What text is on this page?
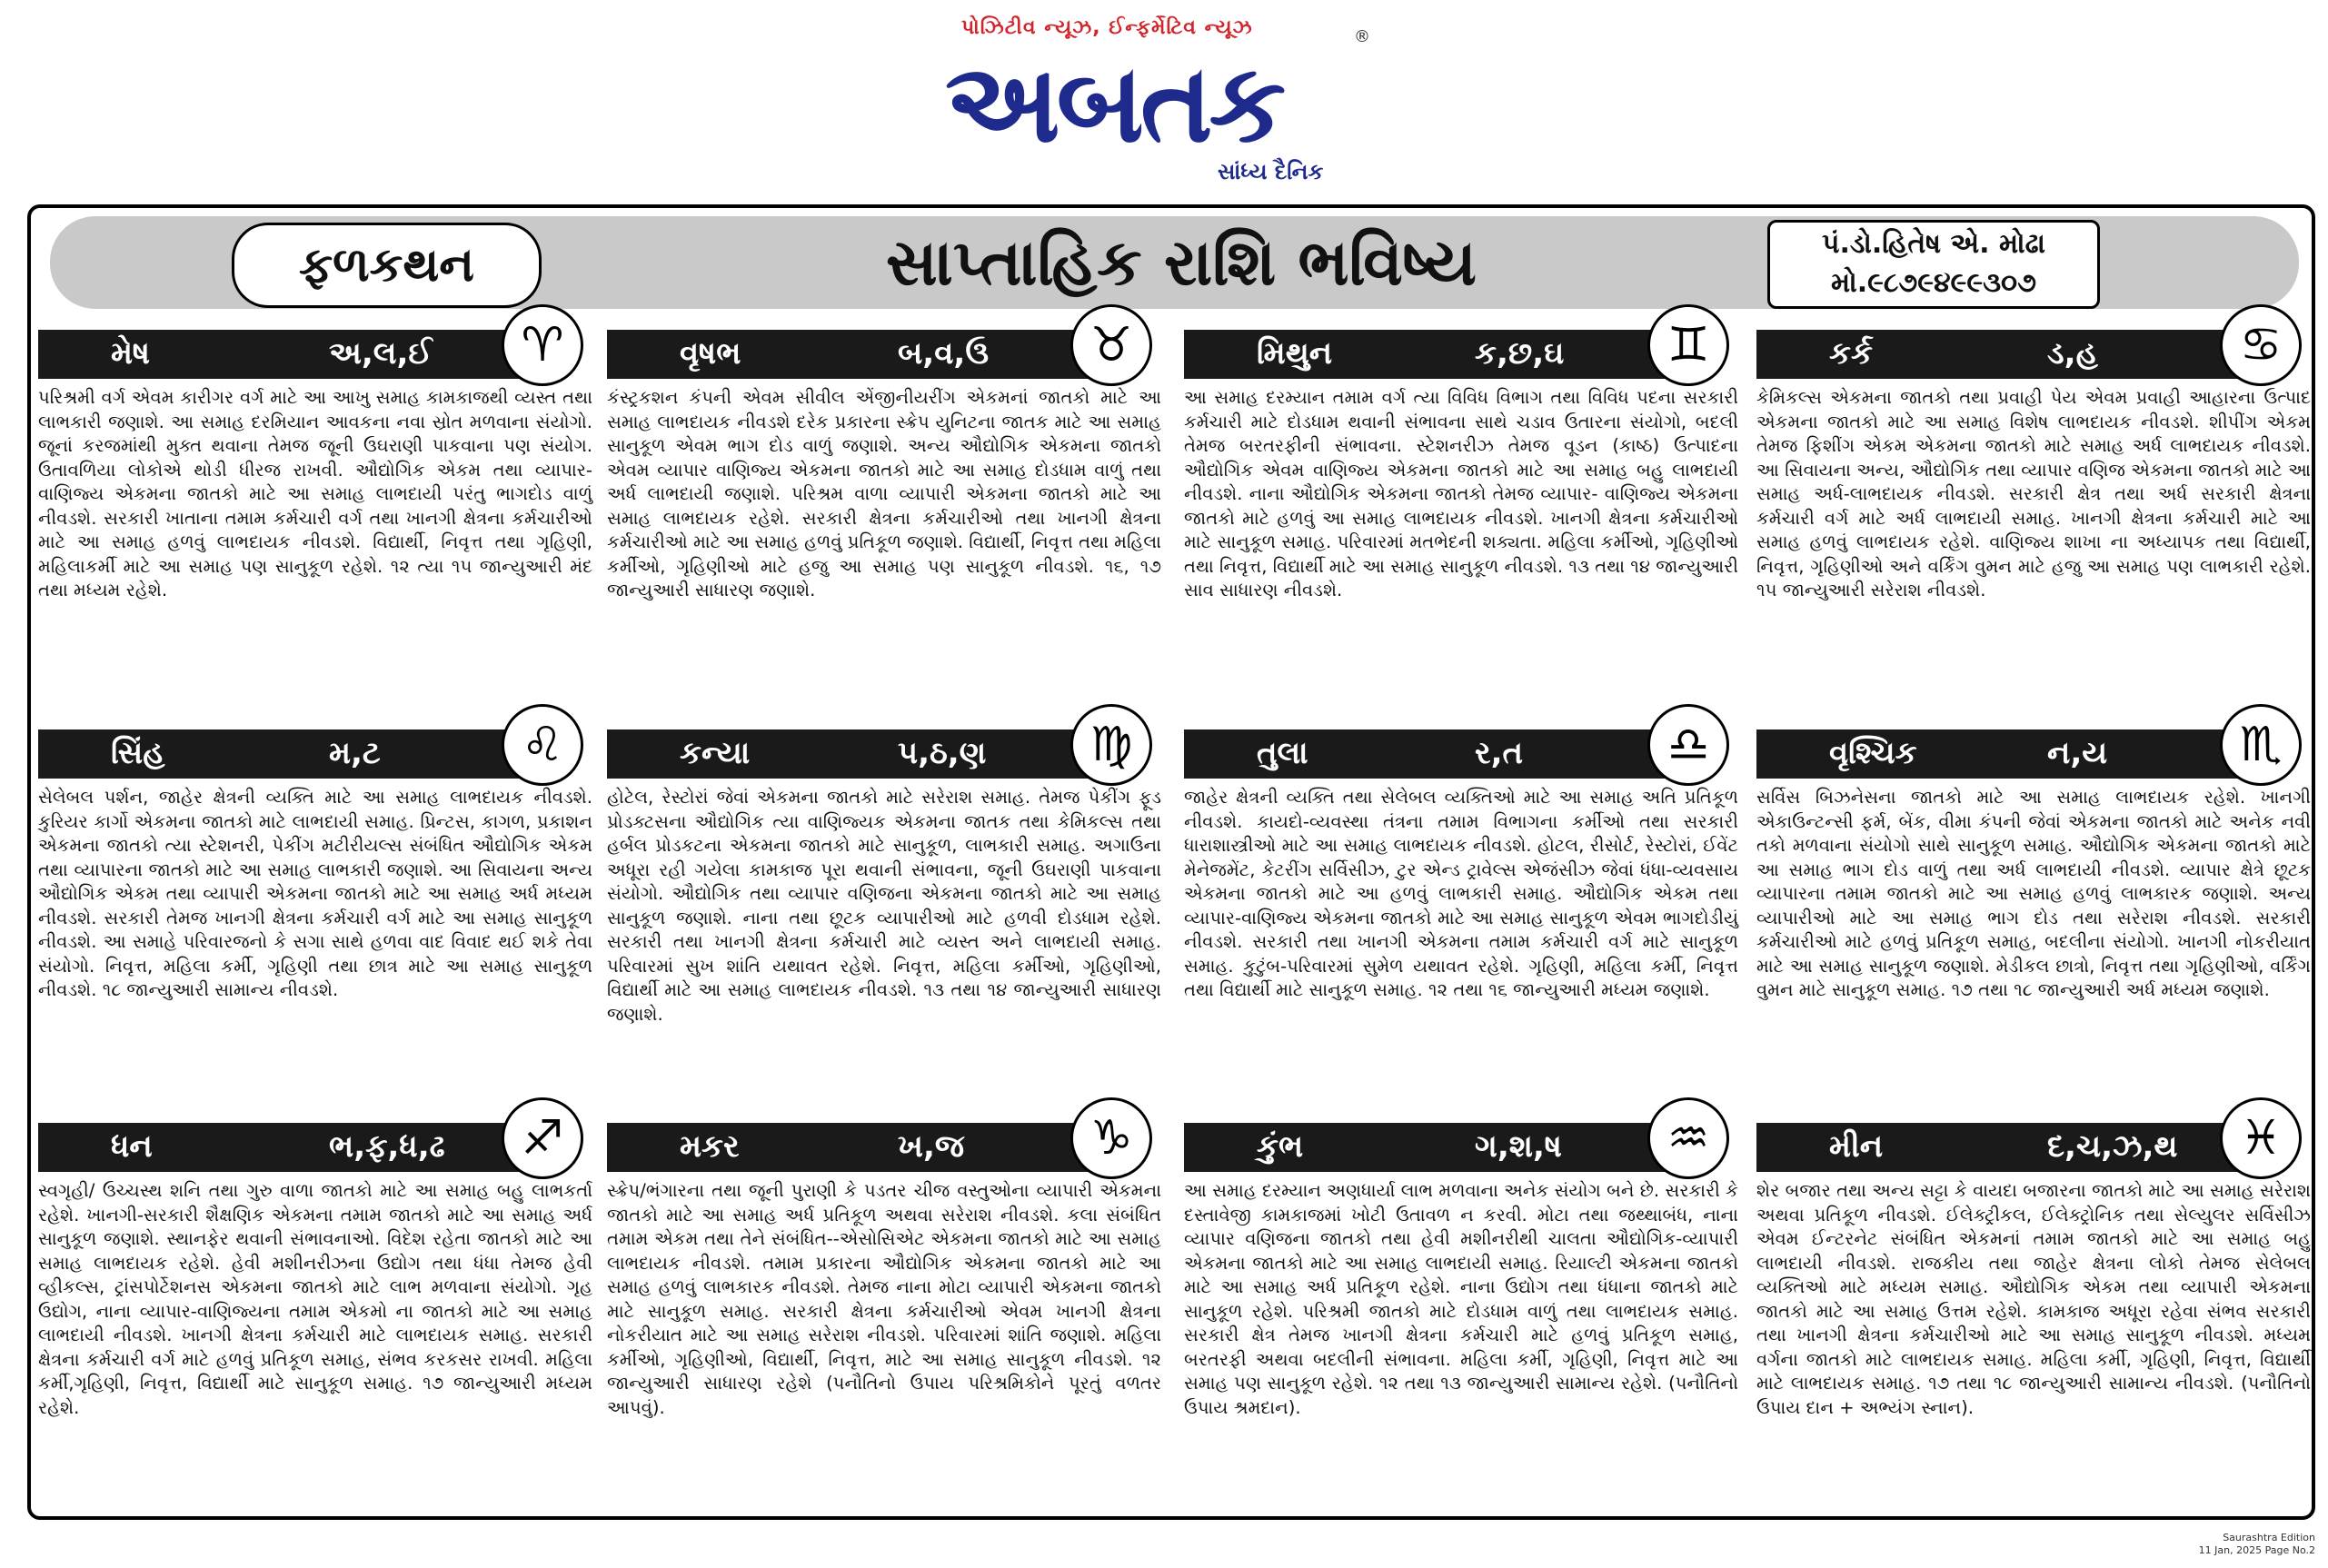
પોઝિટીવ ન્યૂઝ, ઈન્ફર્મેટિવ ન્યૂઝ
અબતક
®
સાંધ્ય દૈનિક
ફળકથન	સાપ્તાહિક રાશિ ભવિષ્ય	પં.ડો.હિતેષ એ. મોઢા
મો.૯૮૭૯૪૯૯૩૦૭
મેષ	અ,લ,ઈ	♈
પરિશ્રમી વર્ગ એવમ કારીગર વર્ગ માટે આ આખુ સમાહ કામકાજથી વ્યસ્ત તથા લાભકારી જણાશે. આ સમાહ દરમિયાન આવકના નવા સ્રોત મળવાના સંયોગો. જૂનાં કરજમાંથી મુક્ત થવાના તેમજ જૂની ઉઘરાણી પાકવાના પણ સંયોગ. ઉતાવળિયા લોકોએ થોડી ધીરજ રાખવી. ઔદ્યોગિક એકમ તથા વ્યાપાર-વાણિજ્ય એકમના જાતકો માટે આ સમાહ લાભદાયી પરંતુ ભાગદોડ વાળું નીવડશે. સરકારી ખાતાના તમામ કર્મચારી વર્ગ તથા ખાનગી ક્ષેત્રના કર્મચારીઓ માટે આ સમાહ હળવું લાભદાયક નીવડશે. વિદ્યાર્થી, નિવૃત્ત તથા ગૃહિણી, મહિલાકર્મી માટે આ સમાહ પણ સાનુકૂળ રહેશે. ૧૨ ત્યા ૧૫ જાન્યુઆરી મંદ તથા મધ્યમ રહેશે.
વૃષભ	બ,વ,ઉ	♉
કંસ્ટ્રકશન કંપની એવમ સીવીલ એંજીનીયરીંગ એકમનાં જાતકો માટે આ સમાહ લાભદાયક નીવડશે દરેક પ્રકારના સ્ક્રેપ યુનિટના જાતક માટે આ સમાહ સાનુકૂળ એવમ ભાગ દોડ વાળું જણાશે. અન્ય ઔદ્યોગિક એકમના જાતકો એવમ વ્યાપાર વાણિજ્ય એકમના જાતકો માટે આ સમાહ દોડધામ વાળું તથા અર્ધ લાભદાયી જણાશે. પરિશ્રમ વાળા વ્યાપારી એકમના જાતકો માટે આ સમાહ લાભદાયક રહેશે. સરકારી ક્ષેત્રના કર્મચારીઓ તથા ખાનગી ક્ષેત્રના કર્મચારીઓ માટે આ સમાહ હળવું પ્રતિકૂળ જણાશે. વિદ્યાર્થી, નિવૃત્ત તથા મહિલા કર્મીઓ, ગૃહિણીઓ માટે હજુ આ સમાહ પણ સાનુકૂળ નીવડશે. ૧૬, ૧૭ જાન્યુઆરી સાધારણ જણાશે.
મિથુન	ક,છ,ઘ	♊
આ સમાહ દરમ્યાન તમામ વર્ગ ત્યા વિવિધ વિભાગ તથા વિવિધ પદના સરકારી કર્મચારી માટે દોડધામ થવાની સંભાવના સાથે ચડાવ ઉતારના સંયોગો, બદલી તેમજ બરતરફીની સંભાવના. સ્ટેશનરીઝ તેમજ વૂડન (કાષ્ઠ) ઉત્પાદના ઔદ્યોગિક એવમ વાણિજ્ય એકમના જાતકો માટે આ સમાહ બહુ લાભદાયી નીવડશે. નાના ઔદ્યોગિક એકમના જાતકો તેમજ વ્યાપાર- વાણિજ્ય એકમના જાતકો માટે હળવું આ સમાહ લાભદાયક નીવડશે. ખાનગી ક્ષેત્રના કર્મચારીઓ માટે સાનુકૂળ સમાહ. પરિવારમાં મતભેદની શક્યતા. મહિલા કર્મીઓ, ગૃહિણીઓ તથા નિવૃત્ત, વિદ્યાર્થી માટે આ સમાહ સાનુકૂળ નીવડશે. ૧૩ તથા ૧૪ જાન્યુઆરી સાવ સાધારણ નીવડશે.
કર્ક	ડ,હ	♋
કેમિકલ્સ એકમના જાતકો તથા પ્રવાહી પેય એવમ પ્રવાહી આહારના ઉત્પાદ એકમના જાતકો માટે આ સમાહ વિશેષ લાભદાયક નીવડશે. શીપીંગ એકમ તેમજ ફિશીંગ એકમ એકમના જાતકો માટે સમાહ અર્ધ લાભદાયક નીવડશે. આ સિવાયના અન્ય, ઔદ્યોગિક તથા વ્યાપાર વણિજ એકમના જાતકો માટે આ સમાહ અર્ધ-લાભદાયક નીવડશે. સરકારી ક્ષેત્ર તથા અર્ધ સરકારી ક્ષેત્રના કર્મચારી વર્ગ માટે અર્ધ લાભદાયી સમાહ. ખાનગી ક્ષેત્રના કર્મચારી માટે આ સમાહ હળવું લાભદાયક રહેશે. વાણિજ્ય શાખા ના અધ્યાપક તથા વિદ્યાર્થી, નિવૃત્ત, ગૃહિણીઓ અને વર્કિંગ વુમન માટે હજુ આ સમાહ પણ લાભકારી રહેશે. ૧૫ જાન્યુઆરી સરેરાશ નીવડશે.
સિંહ	મ,ટ	♌
સેલેબલ પર્શન, જાહેર ક્ષેત્રની વ્યક્તિ માટે આ સમાહ લાભદાયક નીવડશે. કુરિયર કાર્ગો એકમના જાતકો માટે લાભદાયી સમાહ. પ્રિન્ટસ, કાગળ, પ્રકાશન એકમના જાતકો ત્યા સ્ટેશનરી, પેકીંગ મટીરીયલ્સ સંબંધિત ઔદ્યોગિક એકમ તથા વ્યાપારના જાતકો માટે આ સમાહ લાભકારી જણાશે. આ સિવાયના અન્ય ઔદ્યોગિક એકમ તથા વ્યાપારી એકમના જાતકો માટે આ સમાહ અર્ધ મધ્યમ નીવડશે. સરકારી તેમજ ખાનગી ક્ષેત્રના કર્મચારી વર્ગ માટે આ સમાહ સાનુકૂળ નીવડશે. આ સમાહે પરિવારજનો કે સગા સાથે હળવા વાદ વિવાદ થઈ શકે તેવા સંયોગો. નિવૃત્ત, મહિલા કર્મી, ગૃહિણી તથા છાત્ર માટે આ સમાહ સાનુકૂળ નીવડશે. ૧૮ જાન્યુઆરી સામાન્ય નીવડશે.
કન્યા	પ,ઠ,ણ	♍
હોટેલ, રેસ્ટોરાં જેવાં એકમના જાતકો માટે સરેરાશ સમાહ. તેમજ પેકીંગ ફૂડ પ્રોડક્ટસના ઔદ્યોગિક ત્યા વાણિજ્યક એકમના જાતક તથા કેમિકલ્સ તથા હર્બલ પ્રોડકટના એકમના જાતકો માટે સાનુકૂળ, લાભકારી સમાહ. અગાઉના અધૂરા રહી ગયેલા કામકાજ પૂરા થવાની સંભાવના, જૂની ઉઘરાણી પાકવાના સંયોગો. ઔદ્યોગિક તથા વ્યાપાર વણિજના એકમના જાતકો માટે આ સમાહ સાનુકૂળ જણાશે. નાના તથા છૂટક વ્યાપારીઓ માટે હળવી દોડધામ રહેશે. સરકારી તથા ખાનગી ક્ષેત્રના કર્મચારી માટે વ્યસ્ત અને લાભદાયી સમાહ. પરિવારમાં સુખ શાંતિ યથાવત રહેશે. નિવૃત્ત, મહિલા કર્મીઓ, ગૃહિણીઓ, વિદ્યાર્થી માટે આ સમાહ લાભદાયક નીવડશે. ૧૩ તથા ૧૪ જાન્યુઆરી સાધારણ જણાશે.
તુલા	ર,ત	♎
જાહેર ક્ષેત્રની વ્યક્તિ તથા સેલેબલ વ્યક્તિઓ માટે આ સમાહ અતિ પ્રતિકૂળ નીવડશે. કાયદો-વ્યવસ્થા તંત્રના તમામ વિભાગના કર્મીઓ તથા સરકારી ધારાશાસ્ત્રીઓ માટે આ સમાહ લાભદાયક નીવડશે. હોટલ, રીસોર્ટ, રેસ્ટોરાં, ઈવેંટ મેનેજમેંટ, કેટરીંગ સર્વિસીઝ, ટુર એન્ડ ટ્રાવેલ્સ એજંસીઝ જેવાં ધંધા-વ્યવસાય એકમના જાતકો માટે આ હળવું લાભકારી સમાહ. ઔદ્યોગિક એકમ તથા વ્યાપાર-વાણિજ્ય એકમના જાતકો માટે આ સમાહ સાનુકૂળ એવમ ભાગદોડીયું નીવડશે. સરકારી તથા ખાનગી એકમના તમામ કર્મચારી વર્ગ માટે સાનુકૂળ સમાહ. કુટુંબ-પરિવારમાં સુમેળ યથાવત રહેશે. ગૃહિણી, મહિલા કર્મી, નિવૃત્ત તથા વિદ્યાર્થી માટે સાનુકૂળ સમાહ. ૧૨ તથા ૧૬ જાન્યુઆરી મધ્યમ જણાશે.
વૃશ્ચિક	ન,ય	♏
સર્વિસ બિઝનેસના જાતકો માટે આ સમાહ લાભદાયક રહેશે. ખાનગી એકાઉન્ટન્સી ફર્મ, બેંક, વીમા કંપની જેવાં એકમના જાતકો માટે અનેક નવી તકો મળવાના સંયોગો સાથે સાનુકૂળ સમાહ. ઔદ્યોગિક એકમના જાતકો માટે આ સમાહ ભાગ દોડ વાળું તથા અર્ધ લાભદાયી નીવડશે. વ્યાપાર ક્ષેત્રે છૂટક વ્યાપારના તમામ જાતકો માટે આ સમાહ હળવું લાભકારક જણાશે. અન્ય વ્યાપારીઓ માટે આ સમાહ ભાગ દોડ તથા સરેરાશ નીવડશે. સરકારી કર્મચારીઓ માટે હળવું પ્રતિકૂળ સમાહ, બદલીના સંયોગો. ખાનગી નોકરીયાત માટે આ સમાહ સાનુકૂળ જણાશે. મેડીકલ છાત્રો, નિવૃત્ત તથા ગૃહિણીઓ, વર્કિંગ વુમન માટે સાનુકૂળ સમાહ. ૧૭ તથા ૧૮ જાન્યુઆરી અર્ધ મધ્યમ જણાશે.
ધન	ભ,ફ,ધ,ઢ	♐
સ્વગૃહી/ ઉચ્ચસ્થ શનિ તથા ગુરુ વાળા જાતકો માટે આ સમાહ બહુ લાભકર્તા રહેશે. ખાનગી-સરકારી શૈક્ષણિક એકમના તમામ જાતકો માટે આ સમાહ અર્ધ સાનુકૂળ જણાશે. સ્થાનફેર થવાની સંભાવનાઓ. વિદેશ રહેતા જાતકો માટે આ સમાહ લાભદાયક રહેશે. હેવી મશીનરીઝના ઉદ્યોગ તથા ધંધા તેમજ હેવી વ્હીકલ્સ, ટ્રાંસપોર્ટેશનસ એકમના જાતકો માટે લાભ મળવાના સંયોગો. ગૃહ ઉદ્યોગ, નાના વ્યાપાર-વાણિજ્યના તમામ એકમો ના જાતકો માટે આ સમાહ લાભદાયી નીવડશે. ખાનગી ક્ષેત્રના કર્મચારી માટે લાભદાયક સમાહ. સરકારી ક્ષેત્રના કર્મચારી વર્ગ માટે હળવું પ્રતિકૂળ સમાહ, સંભવ કરકસર રાખવી. મહિલા કર્મી,ગૃહિણી, નિવૃત્ત, વિદ્યાર્થી માટે સાનુકૂળ સમાહ. ૧૭ જાન્યુઆરી મધ્યમ રહેશે.
મકર	ખ,જ	♑
સ્ક્રેપ/ભંગારના તથા જૂની પુરાણી કે પડતર ચીજ વસ્તુઓના વ્યાપારી એકમના જાતકો માટે આ સમાહ અર્ધ પ્રતિકૂળ અથવા સરેરાશ નીવડશે. કલા સંબંધિત તમામ એકમ તથા તેને સંબંધિત--એસોસિએટ એકમના જાતકો માટે આ સમાહ લાભદાયક નીવડશે. તમામ પ્રકારના ઔદ્યોગિક એકમના જાતકો માટે આ સમાહ હળવું લાભકારક નીવડશે. તેમજ નાના મોટા વ્યાપારી એકમના જાતકો માટે સાનુકૂળ સમાહ. સરકારી ક્ષેત્રના કર્મચારીઓ એવમ ખાનગી ક્ષેત્રના નોકરીયાત માટે આ સમાહ સરેરાશ નીવડશે. પરિવારમાં શાંતિ જણાશે. મહિલા કર્મીઓ, ગૃહિણીઓ, વિદ્યાર્થી, નિવૃત્ત, માટે આ સમાહ સાનુકૂળ નીવડશે. ૧૨ જાન્યુઆરી સાધારણ રહેશે (પનૌતિનો ઉપાય પરિશ્રમિકોને પૂરતું વળતર આપવું).
કુંભ	ગ,શ,ષ	♒
આ સમાહ દરમ્યાન અણધાર્યા લાભ મળવાના અનેક સંયોગ બને છે. સરકારી કે દસ્તાવેજી કામકાજમાં ખોટી ઉતાવળ ન કરવી. મોટા તથા જથ્થાબંધ, નાના વ્યાપાર વણિજના જાતકો તથા હેવી મશીનરીથી ચાલતા ઔદ્યોગિક-વ્યાપારી એકમના જાતકો માટે આ સમાહ લાભદાયી સમાહ. રિયાલ્ટી એકમના જાતકો માટે આ સમાહ અર્ધ પ્રતિકૂળ રહેશે. નાના ઉદ્યોગ તથા ધંધાના જાતકો માટે સાનુકૂળ રહેશે. પરિશ્રમી જાતકો માટે દોડધામ વાળું તથા લાભદાયક સમાહ. સરકારી ક્ષેત્ર તેમજ ખાનગી ક્ષેત્રના કર્મચારી માટે હળવું પ્રતિકૂળ સમાહ, બરતરફી અથવા બદલીની સંભાવના. મહિલા કર્મી, ગૃહિણી, નિવૃત્ત માટે આ સમાહ પણ સાનુકૂળ રહેશે. ૧૨ તથા ૧૩ જાન્યુઆરી સામાન્ય રહેશે. (પનૌતિનો ઉપાય શ્રમદાન).
મીન	દ,ચ,ઝ,થ	♓
શેર બજાર તથા અન્ય સટ્ટા કે વાયદા બજારના જાતકો માટે આ સમાહ સરેરાશ અથવા પ્રતિકૂળ નીવડશે. ઈલેક્ટ્રીકલ, ઈલેક્ટ્રોનિક તથા સેલ્યુલર સર્વિસીઝ એવમ ઈન્ટરનેટ સંબંધિત એકમનાં તમામ જાતકો માટે આ સમાહ બહુ લાભદાયી નીવડશે. રાજકીય તથા જાહેર ક્ષેત્રના લોકો તેમજ સેલેબલ વ્યક્તિઓ માટે મધ્યમ સમાહ. ઔદ્યોગિક એકમ તથા વ્યાપારી એકમના જાતકો માટે આ સમાહ ઉત્તમ રહેશે. કામકાજ અધૂરા રહેવા સંભવ સરકારી તથા ખાનગી ક્ષેત્રના કર્મચારીઓ માટે આ સમાહ સાનુકૂળ નીવડશે. મધ્યમ વર્ગના જાતકો માટે લાભદાયક સમાહ. મહિલા કર્મી, ગૃહિણી, નિવૃત્ત, વિદ્યાર્થી માટે લાભદાયક સમાહ. ૧૭ તથા ૧૮ જાન્યુઆરી સામાન્ય નીવડશે. (પનૌતિનો ઉપાય દાન + અભ્યંગ સ્નાન).
Saurashtra Edition
11 Jan, 2025 Page No.2
